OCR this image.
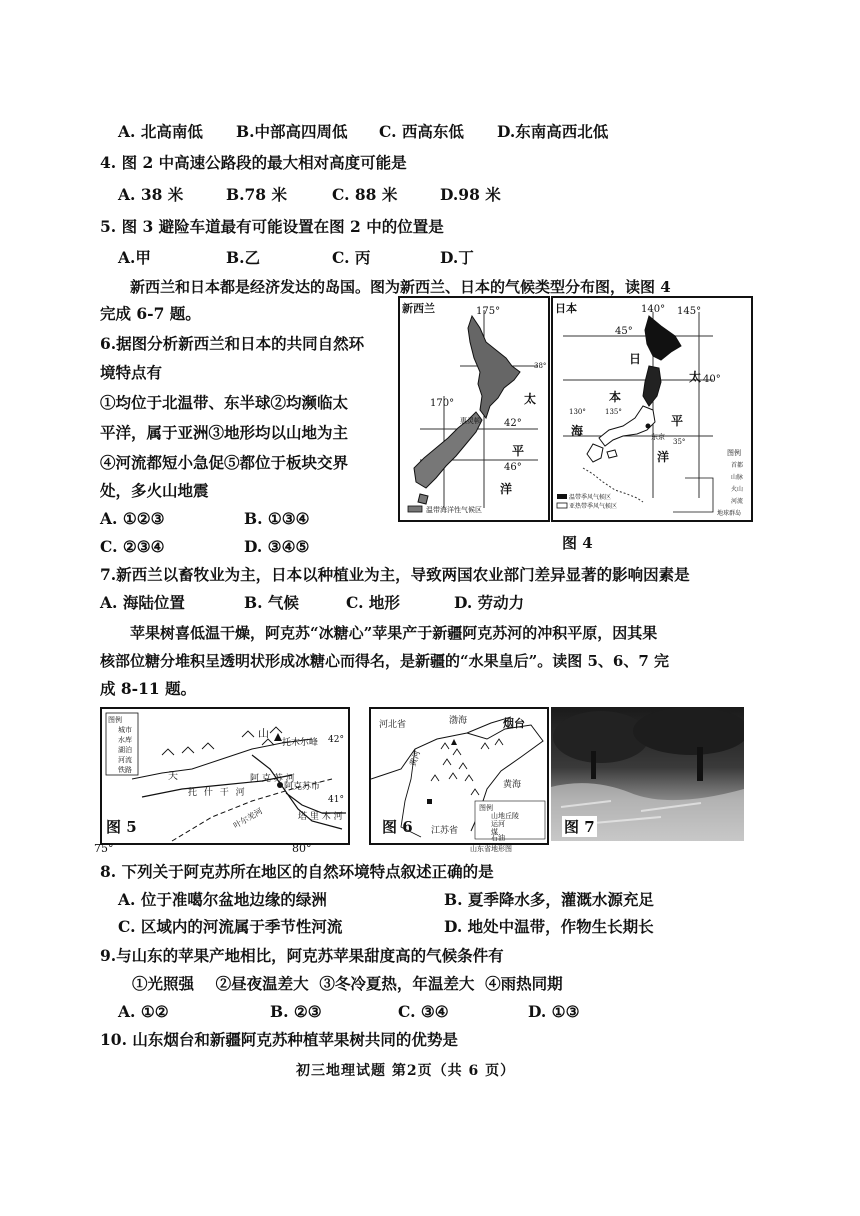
A. 北高南低 B.中部高四周低 C. 西高东低 D.东南高西北低
4. 图 2 中高速公路段的最大相对高度可能是
A. 38 米	B.78 米	C. 88 米	D.98 米
5. 图 3 避险车道最有可能设置在图 2 中的位置是
A.甲	B.乙	C. 丙	D.丁
新西兰和日本都是经济发达的岛国。图为新西兰、日本的气候类型分布图，读图 4
完成 6-7 题。
6.据图分析新西兰和日本的共同自然环
境特点有
①均位于北温带、东半球②均濒临太
平洋，属于亚洲③地形均以山地为主
④河流都短小急促⑤都位于板块交界
处，多火山地震
A. ①②③	B. ①③④
C. ②③④	D. ③④⑤
新西兰	175°
170°
38°
42°
46°
太
平
洋
惠灵顿
温带海洋性气候区
日本	140° 145°
130°	135°
45°
40°
35°
日
本
海
太
平
洋
东京
图例
首都
山脉
火山
河流
温带季风气候区
亚热带季风气候区
地球群岛
图 4
7.新西兰以畜牧业为主，日本以种植业为主，导致两国农业部门差异显著的影响因素是
A. 海陆位置	B. 气候	C. 地形	D. 劳动力
苹果树喜低温干燥，阿克苏“冰糖心”苹果产于新疆阿克苏河的冲积平原，因其果
核部位糖分堆积呈透明状形成冰糖心而得名，是新疆的“水果皇后”。读图 5、6、7 完
成 8-11 题。
图例
城市
水库
湖泊
河流
铁路
山
天
托木尔峰
阿克苏市
42°
41°
托 什 干 河
阿 克 苏 河
塔 里 木 河
叶尔羌河
图 5
75°	80°
河北省	渤海	烟台
黄海
黄河
图例
山地丘陵
运河
煤
石油
江苏省
图 6
山东省地形图
图 7
8. 下列关于阿克苏所在地区的自然环境特点叙述正确的是
A. 位于准噶尔盆地边缘的绿洲	B. 夏季降水多，灌溉水源充足
C. 区域内的河流属于季节性河流	D. 地处中温带，作物生长期长
9.与山东的苹果产地相比，阿克苏苹果甜度高的气候条件有
①光照强    ②昼夜温差大  ③冬冷夏热，年温差大  ④雨热同期
A. ①②	B. ②③	C. ③④	D. ①③
10. 山东烟台和新疆阿克苏种植苹果树共同的优势是
初三地理试题 第2页（共 6 页）
